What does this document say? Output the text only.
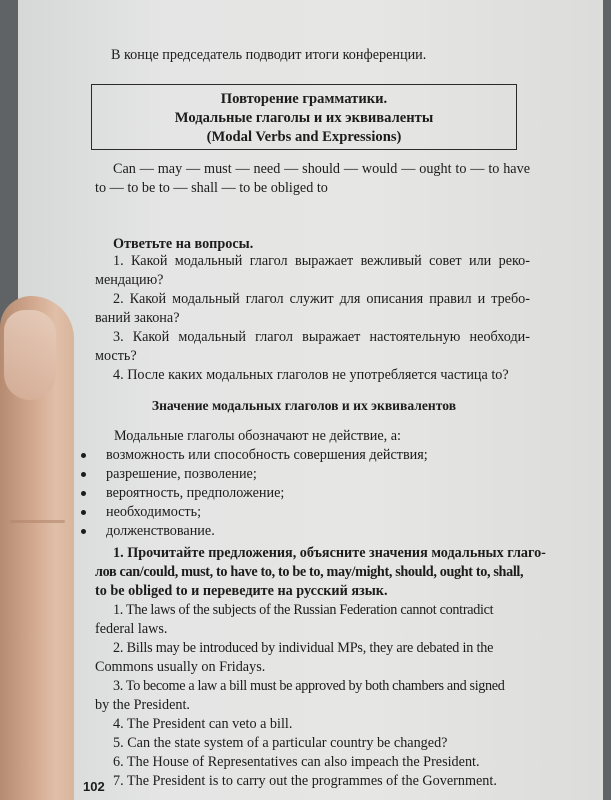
В конце председатель подводит итоги конференции.

Can — may — must — need — should — would — ought to — to have

to — to be to — shall — to be obliged to

Ответьте на вопросы.

1. Какой модальный глагол выражает вежливый совет или реко-

мендацию?

2. Какой модальный глагол служит для описания правил и требо-

ваний закона?

3. Какой модальный глагол выражает настоятельную необходи-

мость?

4. После каких модальных глаголов не употребляется частица to?

Модальные глаголы обозначают не действие, а:

1. Прочитайте предложения, объясните значения модальных глаго-

лов can/could, must, to have to, to be to, may/might, should, ought to, shall,

to be obliged to и переведите на русский язык.

1. The laws of the subjects of the Russian Federation cannot contradict

federal laws.

2. Bills may be introduced by individual MPs, they are debated in the

Commons usually on Fridays.

3. To become a law a bill must be approved by both chambers and signed

by the President.

4. The President can veto a bill.

5. Can the state system of a particular country be changed?

6. The House of Representatives can also impeach the President.

7. The President is to carry out the programmes of the Government.

Повторение грамматики.
Модальные глаголы и их эквиваленты
(Modal Verbs and Expressions)
Значение модальных глаголов и их эквивалентов
возможность или способность совершения действия;
разрешение, позволение;
вероятность, предположение;
необходимость;
долженствование.
102
